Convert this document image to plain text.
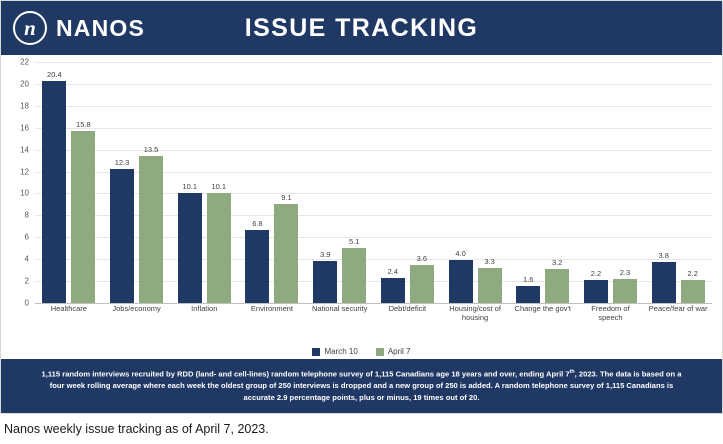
n NANOS	ISSUE TRACKING
0
2
4
6
8
10
12
14
16
18
20
22
20.4
15.8
12.3
13.5
10.1 10.1
6.8
9.1
3.9
5.1
2.4
3.6	4.0
3.3
1.6
3.2
2.2 2.3
3.8
2.2
Healthcare	Jobs/economy	Inflation	Environment	National security	Debt/deficit	Housing/cost of housing
Change the gov't	Freedom of speech
Peace/fear of war
March 10	April 7
1,115 random interviews recruited by RDD (land- and cell-lines) random telephone survey of 1,115 Canadians age 18 years and over, ending April 7th, 2023. The data is based on a four week rolling average where each week the oldest group of 250 interviews is dropped and a new group of 250 is added. A random telephone survey of 1,115 Canadians is accurate 2.9 percentage points, plus or minus, 19 times out of 20.
Nanos weekly issue tracking as of April 7, 2023.
